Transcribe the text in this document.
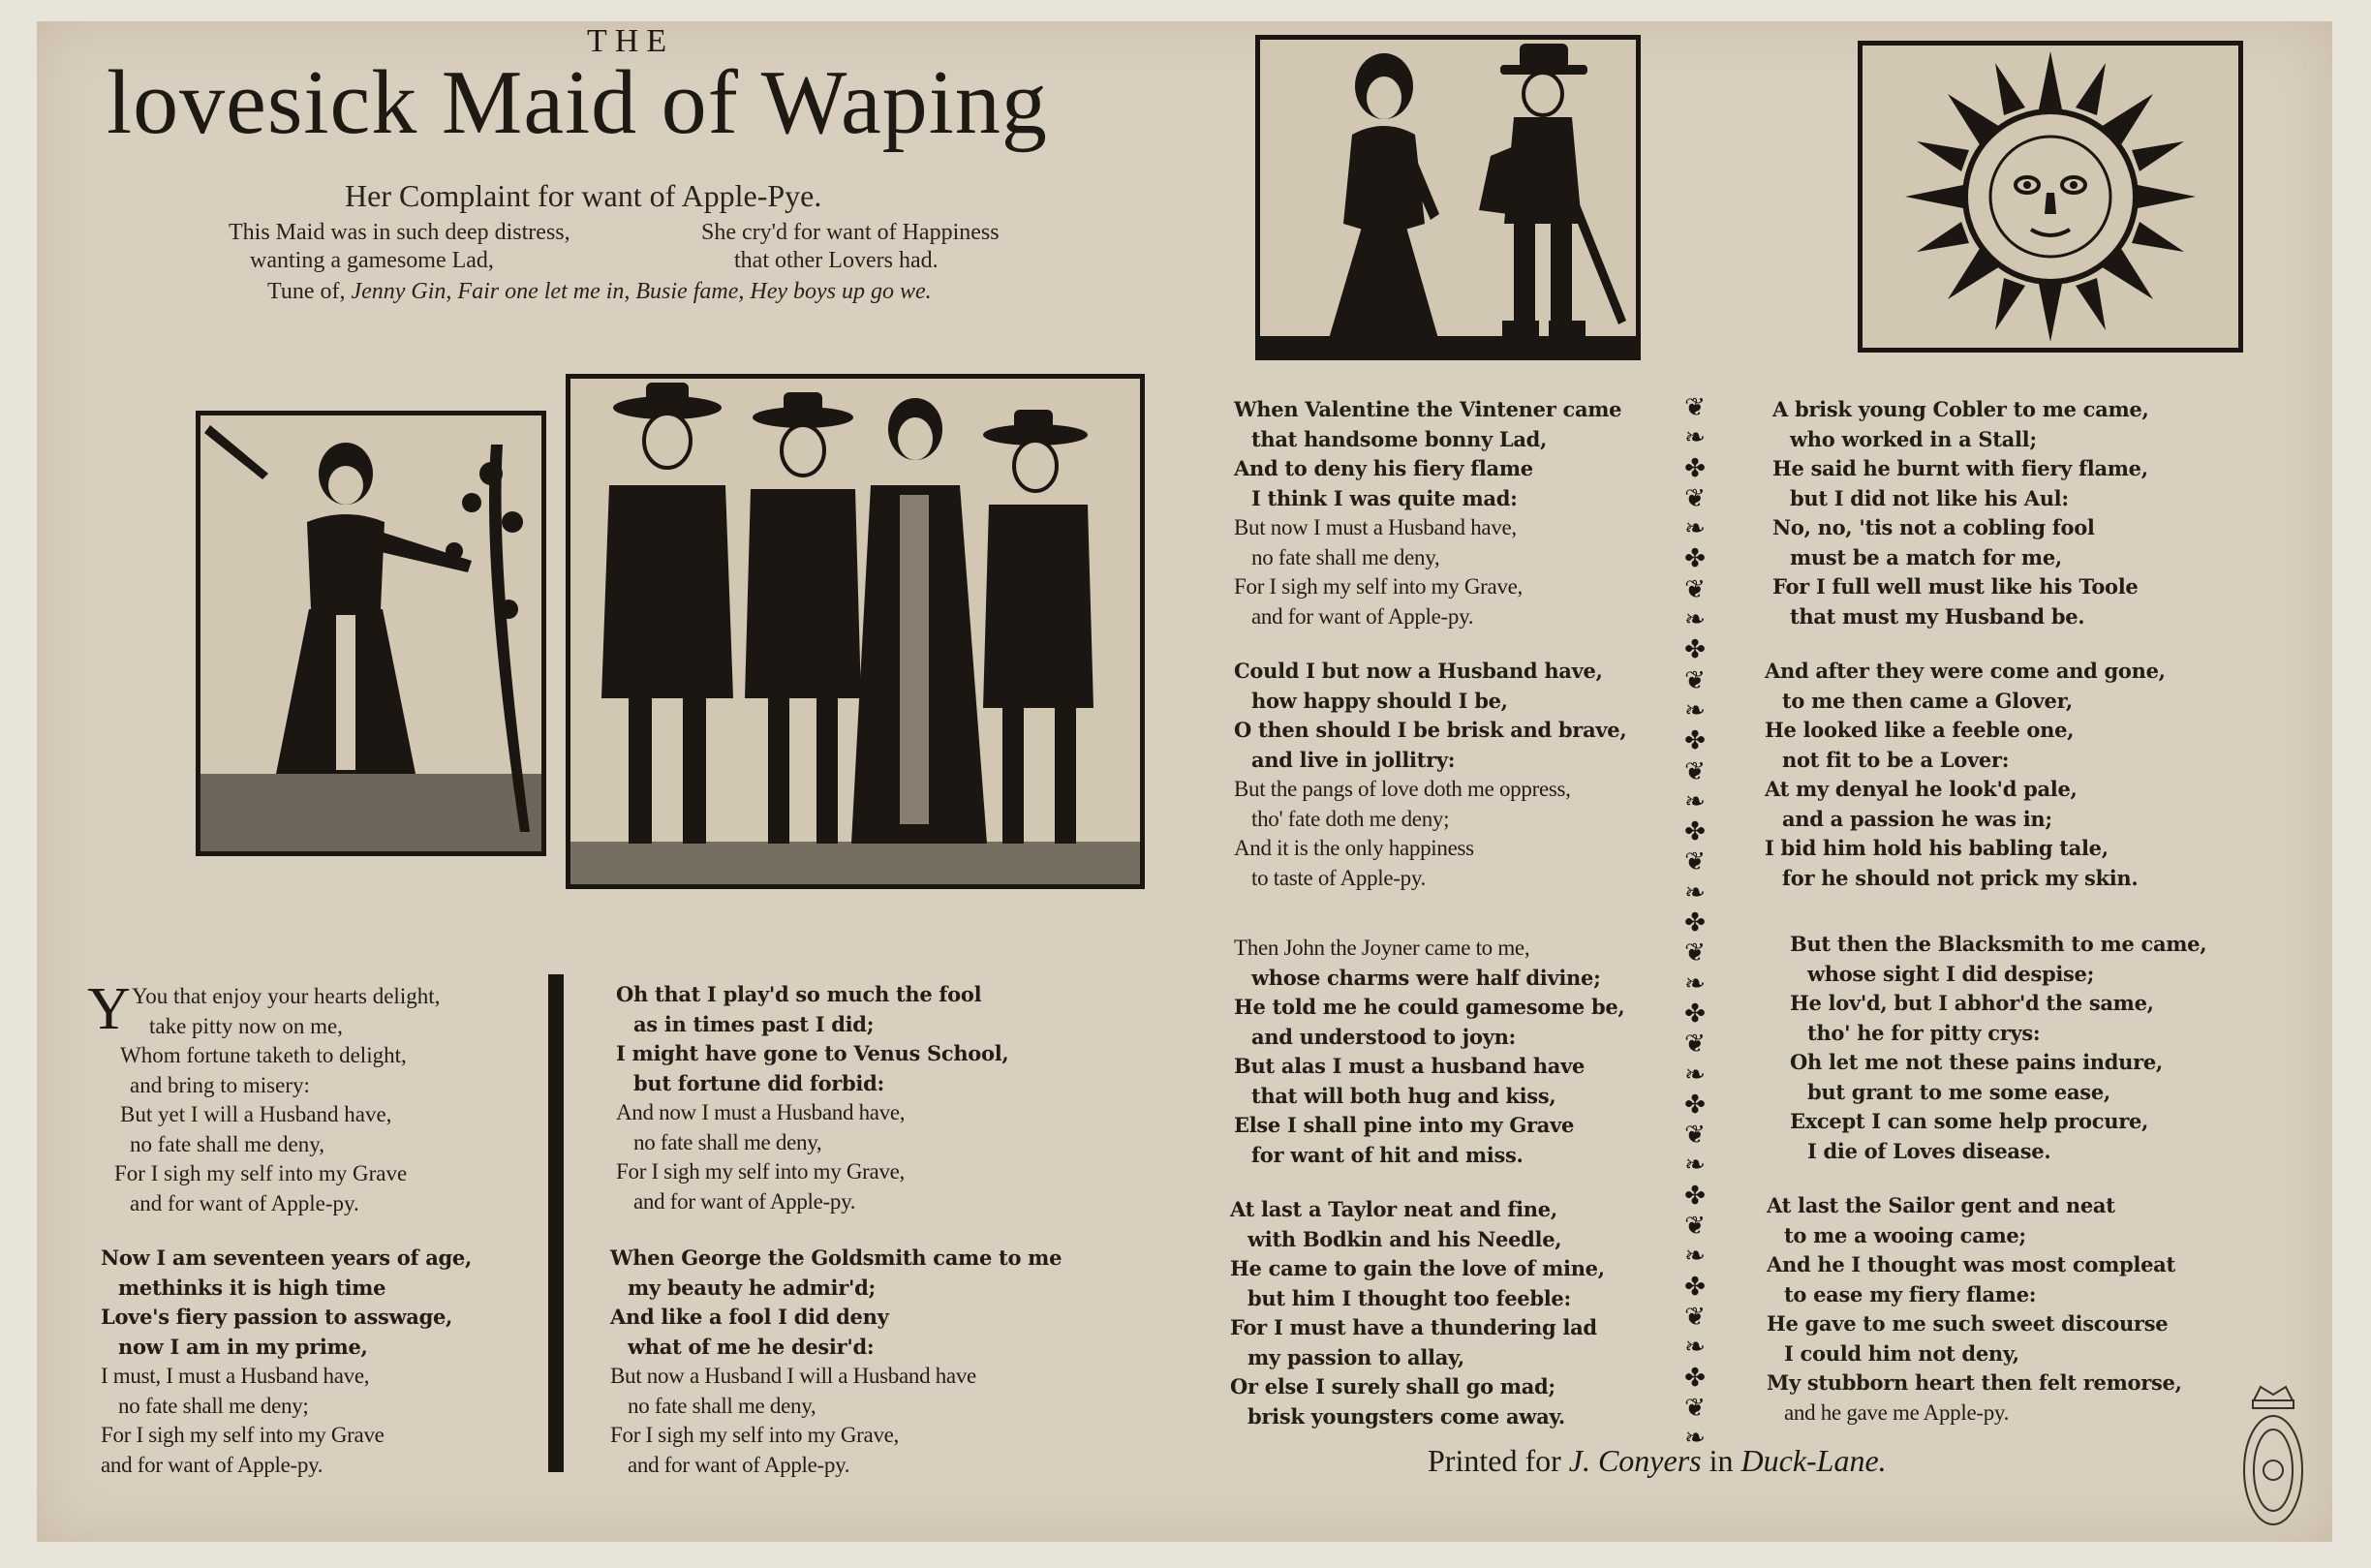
THE
lovesick Maid of Waping
Her Complaint for want of Apple-Pye.
This Maid was in such deep distress,
wanting a gamesome Lad,
She cry'd for want of Happiness
that other Lovers had.
Tune of, Jenny Gin, Fair one let me in, Busie fame, Hey boys up go we.
Y You that enjoy your hearts delight,
take pitty now on me,
Whom fortune taketh to delight,
and bring to misery:
But yet I will a Husband have,
no fate shall me deny,
For I sigh my self into my Grave
and for want of Apple-py.
Now I am seventeen years of age,
methinks it is high time
Love's fiery passion to asswage,
now I am in my prime,
I must, I must a Husband have,
no fate shall me deny;
For I sigh my self into my Grave
and for want of Apple-py.
Oh that I play'd so much the fool
as in times past I did;
I might have gone to Venus School,
but fortune did forbid:
And now I must a Husband have,
no fate shall me deny,
For I sigh my self into my Grave,
and for want of Apple-py.
When George the Goldsmith came to me
my beauty he admir'd;
And like a fool I did deny
what of me he desir'd:
But now a Husband I will a Husband have
no fate shall me deny,
For I sigh my self into my Grave,
and for want of Apple-py.
When Valentine the Vintener came
that handsome bonny Lad,
And to deny his fiery flame
I think I was quite mad:
But now I must a Husband have,
no fate shall me deny,
For I sigh my self into my Grave,
and for want of Apple-py.
Could I but now a Husband have,
how happy should I be,
O then should I be brisk and brave,
and live in jollitry:
But the pangs of love doth me oppress,
tho' fate doth me deny;
And it is the only happiness
to taste of Apple-py.
Then John the Joyner came to me,
whose charms were half divine;
He told me he could gamesome be,
and understood to joyn:
But alas I must a husband have
that will both hug and kiss,
Else I shall pine into my Grave
for want of hit and miss.
At last a Taylor neat and fine,
with Bodkin and his Needle,
He came to gain the love of mine,
but him I thought too feeble:
For I must have a thundering lad
my passion to allay,
Or else I surely shall go mad;
brisk youngsters come away.
❦
❧
✤
❦
❧
✤
❦
❧
✤
❦
❧
✤
❦
❧
✤
❦
❧
✤
❦
❧
✤
❦
❧
✤
❦
❧
✤
❦
❧
✤
❦
❧
✤
❦
❧
A brisk young Cobler to me came,
who worked in a Stall;
He said he burnt with fiery flame,
but I did not like his Aul:
No, no, 'tis not a cobling fool
must be a match for me,
For I full well must like his Toole
that must my Husband be.
And after they were come and gone,
to me then came a Glover,
He looked like a feeble one,
not fit to be a Lover:
At my denyal he look'd pale,
and a passion he was in;
I bid him hold his babling tale,
for he should not prick my skin.
But then the Blacksmith to me came,
whose sight I did despise;
He lov'd, but I abhor'd the same,
tho' he for pitty crys:
Oh let me not these pains indure,
but grant to me some ease,
Except I can some help procure,
I die of Loves disease.
At last the Sailor gent and neat
to me a wooing came;
And he I thought was most compleat
to ease my fiery flame:
He gave to me such sweet discourse
I could him not deny,
My stubborn heart then felt remorse,
and he gave me Apple-py.
Printed for J. Conyers in Duck-Lane.
